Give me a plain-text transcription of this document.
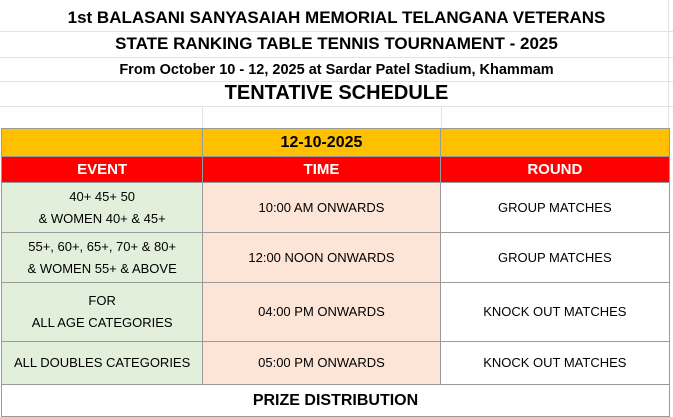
1st BALASANI SANYASAIAH MEMORIAL TELANGANA VETERANS
STATE RANKING TABLE TENNIS TOURNAMENT - 2025
From October 10 - 12, 2025 at Sardar Patel Stadium, Khammam
TENTATIVE SCHEDULE
	12-10-2025	
EVENT	TIME	ROUND

40+ 45+ 50
& WOMEN 40+ & 45+	10:00 AM ONWARDS	GROUP MATCHES

55+, 60+, 65+, 70+ & 80+
& WOMEN 55+ & ABOVE	12:00 NOON ONWARDS	GROUP MATCHES

FOR
ALL AGE CATEGORIES	04:00 PM ONWARDS	KNOCK OUT MATCHES
ALL DOUBLES CATEGORIES	05:00 PM ONWARDS	KNOCK OUT MATCHES
PRIZE DISTRIBUTION		
